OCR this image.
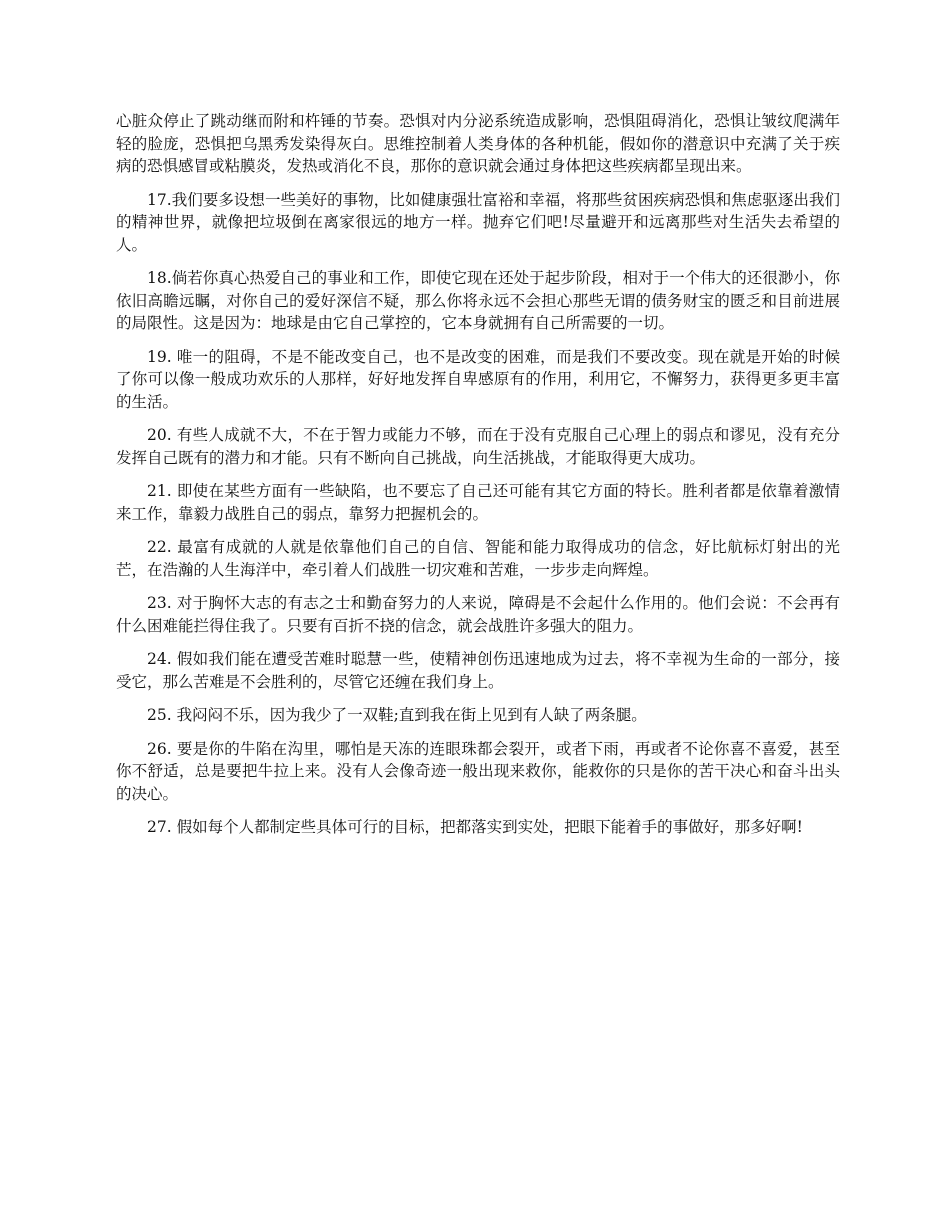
心脏众停止了跳动继而附和杵锤的节奏。恐惧对内分泌系统造成影响，恐惧阻碍消化，恐惧让皱纹爬满年轻的脸庞，恐惧把乌黑秀发染得灰白。思维控制着人类身体的各种机能，假如你的潜意识中充满了关于疾病的恐惧感冒或粘膜炎，发热或消化不良，那你的意识就会通过身体把这些疾病都呈现出来。

17.我们要多设想一些美好的事物，比如健康强壮富裕和幸福，将那些贫困疾病恐惧和焦虑驱逐出我们的精神世界，就像把垃圾倒在离家很远的地方一样。抛弃它们吧!尽量避开和远离那些对生活失去希望的人。

18.倘若你真心热爱自己的事业和工作，即使它现在还处于起步阶段，相对于一个伟大的还很渺小，你依旧高瞻远瞩，对你自己的爱好深信不疑，那么你将永远不会担心那些无谓的债务财宝的匮乏和目前进展的局限性。这是因为：地球是由它自己掌控的，它本身就拥有自己所需要的一切。

19. 唯一的阻碍，不是不能改变自己，也不是改变的困难，而是我们不要改变。现在就是开始的时候了你可以像一般成功欢乐的人那样，好好地发挥自卑感原有的作用，利用它，不懈努力，获得更多更丰富的生活。

20. 有些人成就不大，不在于智力或能力不够，而在于没有克服自己心理上的弱点和谬见，没有充分发挥自己既有的潜力和才能。只有不断向自己挑战，向生活挑战，才能取得更大成功。

21. 即使在某些方面有一些缺陷，也不要忘了自己还可能有其它方面的特长。胜利者都是依靠着激情来工作，靠毅力战胜自己的弱点，靠努力把握机会的。

22. 最富有成就的人就是依靠他们自己的自信、智能和能力取得成功的信念，好比航标灯射出的光芒，在浩瀚的人生海洋中，牵引着人们战胜一切灾难和苦难，一步步走向辉煌。

23. 对于胸怀大志的有志之士和勤奋努力的人来说，障碍是不会起什么作用的。他们会说：不会再有什么困难能拦得住我了。只要有百折不挠的信念，就会战胜许多强大的阻力。

24. 假如我们能在遭受苦难时聪慧一些，使精神创伤迅速地成为过去，将不幸视为生命的一部分，接受它，那么苦难是不会胜利的，尽管它还缠在我们身上。

25. 我闷闷不乐，因为我少了一双鞋;直到我在街上见到有人缺了两条腿。

26. 要是你的牛陷在沟里，哪怕是天冻的连眼珠都会裂开，或者下雨，再或者不论你喜不喜爱，甚至你不舒适，总是要把牛拉上来。没有人会像奇迹一般出现来救你，能救你的只是你的苦干决心和奋斗出头的决心。

27. 假如每个人都制定些具体可行的目标，把都落实到实处，把眼下能着手的事做好，那多好啊!
